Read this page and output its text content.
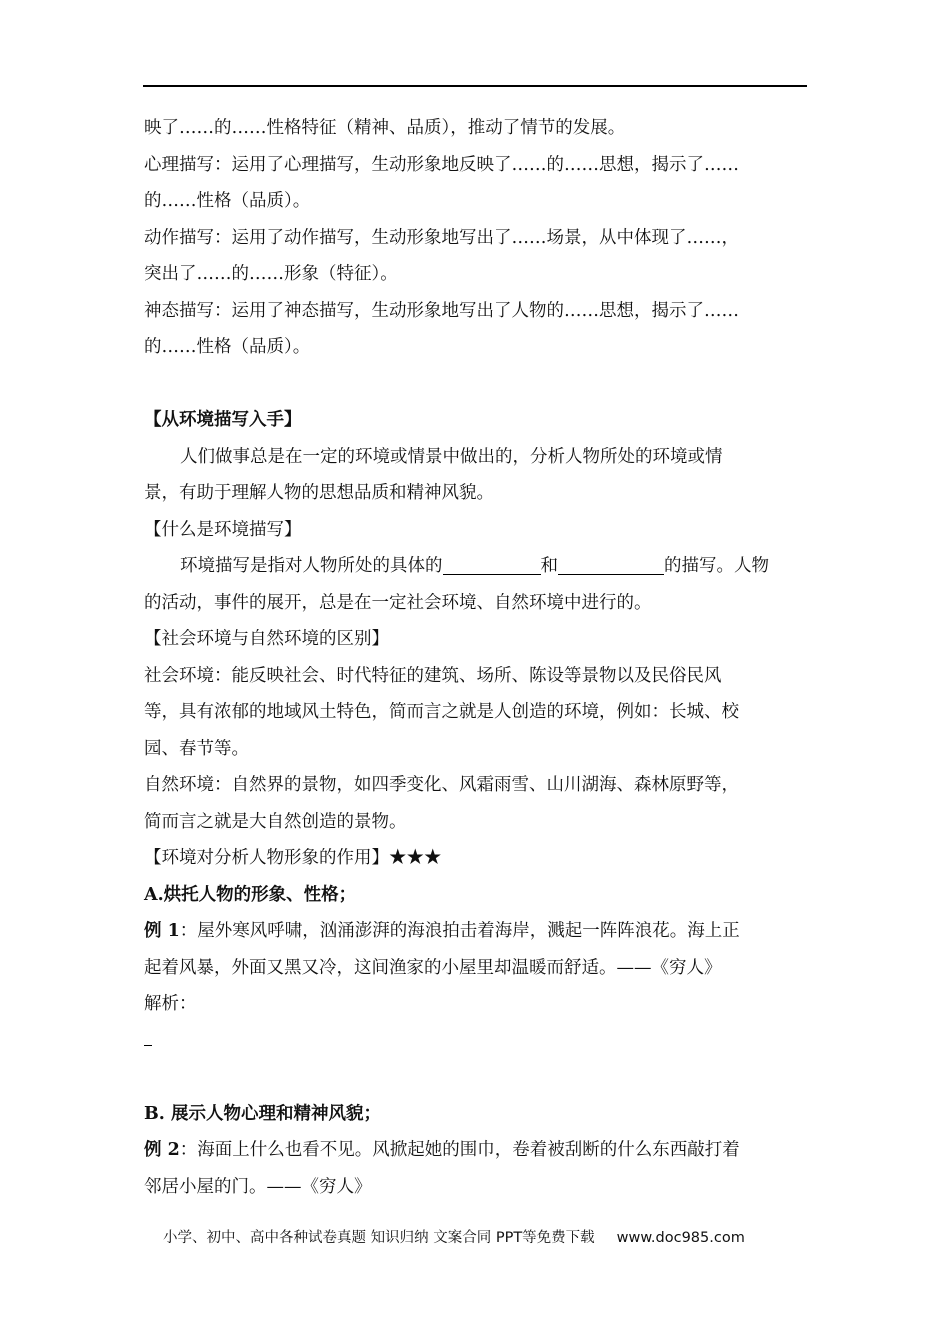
映了……的……性格特征（精神、品质），推动了情节的发展。
心理描写：运用了心理描写，生动形象地反映了……的……思想，揭示了……
的……性格（品质）。
动作描写：运用了动作描写，生动形象地写出了……场景，从中体现了……，
突出了……的……形象（特征）。
神态描写：运用了神态描写，生动形象地写出了人物的……思想，揭示了……
的……性格（品质）。
【从环境描写入手】
人们做事总是在一定的环境或情景中做出的，分析人物所处的环境或情
景，有助于理解人物的思想品质和精神风貌。
【什么是环境描写】
环境描写是指对人物所处的具体的	和	的描写。人物
的活动，事件的展开，总是在一定社会环境、自然环境中进行的。
【社会环境与自然环境的区别】
社会环境：能反映社会、时代特征的建筑、场所、陈设等景物以及民俗民风
等，具有浓郁的地域风土特色，简而言之就是人创造的环境，例如：长城、校
园、春节等。
自然环境：自然界的景物，如四季变化、风霜雨雪、山川湖海、森林原野等，
简而言之就是大自然创造的景物。
【环境对分析人物形象的作用】★★★
A.烘托人物的形象、性格；
例 1：屋外寒风呼啸，汹涌澎湃的海浪拍击着海岸，溅起一阵阵浪花。海上正
起着风暴，外面又黑又冷，这间渔家的小屋里却温暖而舒适。——《穷人》
解析：
B. 展示人物心理和精神风貌；
例 2：海面上什么也看不见。风掀起她的围巾，卷着被刮断的什么东西敲打着
邻居小屋的门。——《穷人》
小学、初中、高中各种试卷真题 知识归纳 文案合同 PPT等免费下载 www.doc985.com
